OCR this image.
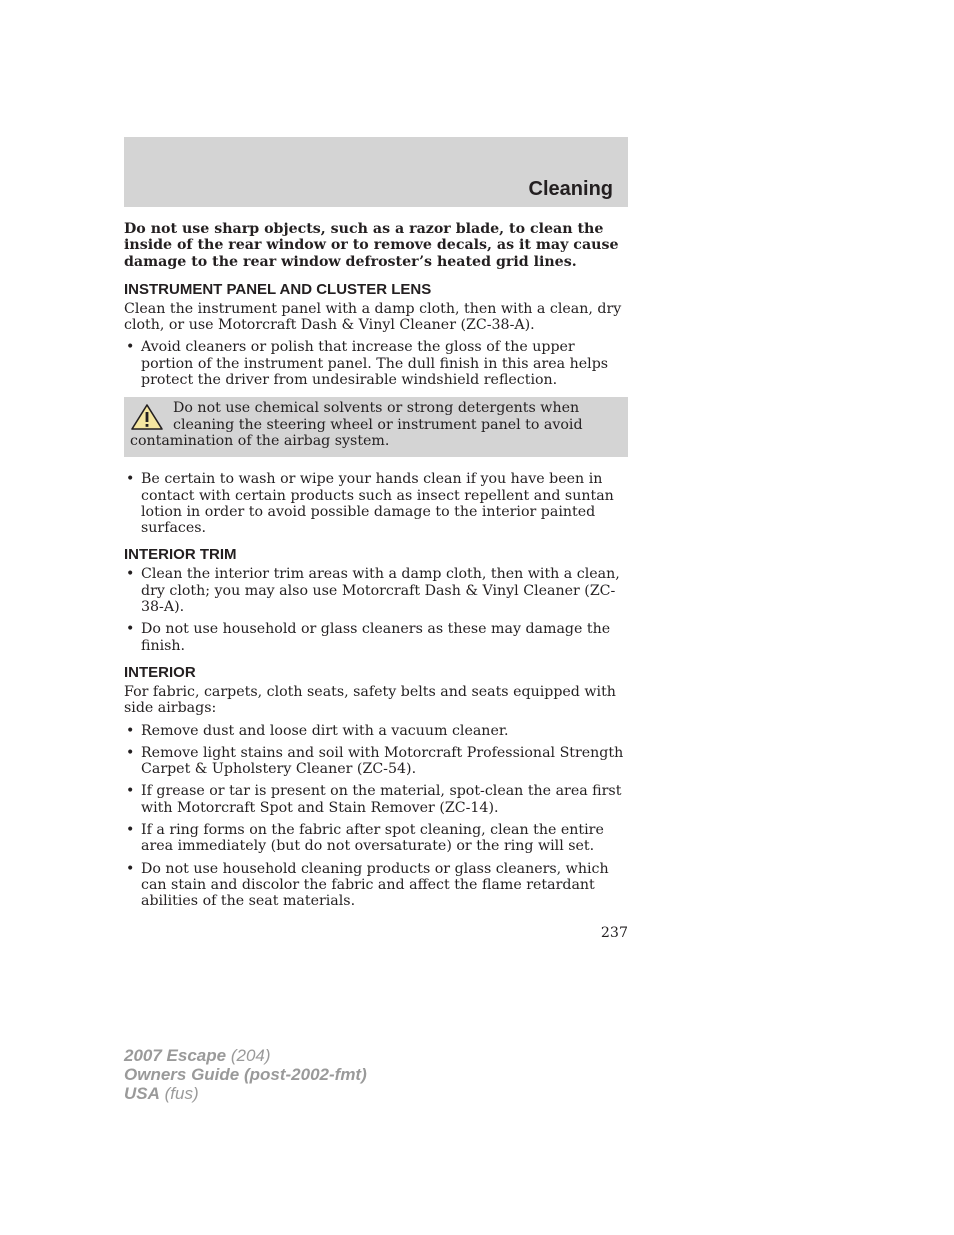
Cleaning

Do not use sharp objects, such as a razor blade, to clean the inside of the rear window or to remove decals, as it may cause damage to the rear window defroster’s heated grid lines.

INSTRUMENT PANEL AND CLUSTER LENS

Clean the instrument panel with a damp cloth, then with a clean, dry cloth, or use Motorcraft Dash & Vinyl Cleaner (ZC-38-A).

• Avoid cleaners or polish that increase the gloss of the upper portion of the instrument panel. The dull finish in this area helps protect the driver from undesirable windshield reflection.
Do not use chemical solvents or strong detergents when cleaning the steering wheel or instrument panel to avoid contamination of the airbag system.
• Be certain to wash or wipe your hands clean if you have been in contact with certain products such as insect repellent and suntan lotion in order to avoid possible damage to the interior painted surfaces.
INTERIOR TRIM
• Clean the interior trim areas with a damp cloth, then with a clean, dry cloth; you may also use Motorcraft Dash & Vinyl Cleaner (ZC-38-A).
• Do not use household or glass cleaners as these may damage the finish.
INTERIOR

For fabric, carpets, cloth seats, safety belts and seats equipped with side airbags:

• Remove dust and loose dirt with a vacuum cleaner.
• Remove light stains and soil with Motorcraft Professional Strength Carpet & Upholstery Cleaner (ZC-54).
• If grease or tar is present on the material, spot-clean the area first with Motorcraft Spot and Stain Remover (ZC-14).
• If a ring forms on the fabric after spot cleaning, clean the entire area immediately (but do not oversaturate) or the ring will set.
• Do not use household cleaning products or glass cleaners, which can stain and discolor the fabric and affect the flame retardant abilities of the seat materials.
237
2007 Escape (204)
Owners Guide (post-2002-fmt)
USA (fus)
